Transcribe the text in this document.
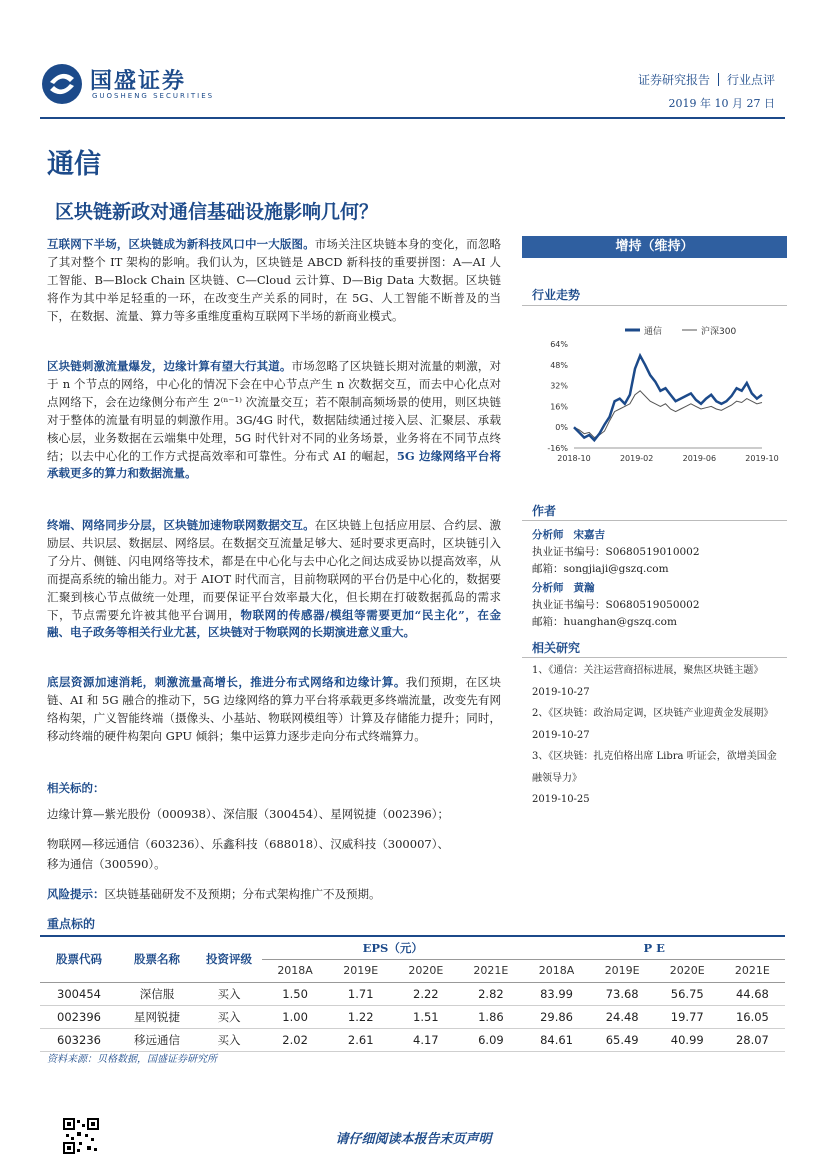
国盛证券
GUOSHENG SECURITIES
证券研究报告 行业点评
2019 年 10 月 27 日
通信
区块链新政对通信基础设施影响几何？
互联网下半场，区块链成为新科技风口中一大版图。市场关注区块链本身的变化，而忽略了其对整个 IT 架构的影响。我们认为，区块链是 ABCD 新科技的重要拼图：A—AI 人工智能、B—Block Chain 区块链、C—Cloud 云计算、D—Big Data 大数据。区块链将作为其中举足轻重的一环，在改变生产关系的同时，在 5G、人工智能不断普及的当下，在数据、流量、算力等多重维度重构互联网下半场的新商业模式。
区块链刺激流量爆发，边缘计算有望大行其道。市场忽略了区块链长期对流量的刺激，对于 n 个节点的网络，中心化的情况下会在中心节点产生 n 次数据交互，而去中心化点对点网络下，会在边缘侧分布产生 2⁽ⁿ⁻¹⁾ 次流量交互；若不限制高频场景的使用，则区块链对于整体的流量有明显的刺激作用。3G/4G 时代，数据陆续通过接入层、汇聚层、承载核心层，业务数据在云端集中处理，5G 时代针对不同的业务场景，业务将在不同节点终结；以去中心化的工作方式提高效率和可靠性。分布式 AI 的崛起，5G 边缘网络平台将承载更多的算力和数据流量。
终端、网络同步分层，区块链加速物联网数据交互。在区块链上包括应用层、合约层、激励层、共识层、数据层、网络层。在数据交互流量足够大、延时要求更高时，区块链引入了分片、侧链、闪电网络等技术，都是在中心化与去中心化之间达成妥协以提高效率，从而提高系统的输出能力。对于 AIOT 时代而言，目前物联网的平台仍是中心化的，数据要汇聚到核心节点做统一处理，而要保证平台效率最大化，但长期在打破数据孤岛的需求下，节点需要允许被其他平台调用，物联网的传感器/模组等需要更加“民主化”，在金融、电子政务等相关行业尤甚，区块链对于物联网的长期演进意义重大。
底层资源加速消耗，刺激流量高增长，推进分布式网络和边缘计算。我们预期，在区块链、AI 和 5G 融合的推动下，5G 边缘网络的算力平台将承载更多终端流量，改变先有网络构架，广义智能终端（摄像头、小基站、物联网模组等）计算及存储能力提升；同时，移动终端的硬件构架向 GPU 倾斜；集中运算力逐步走向分布式终端算力。
相关标的：
边缘计算—紫光股份（000938）、深信服（300454）、星网锐捷（002396）；
物联网—移远通信（603236）、乐鑫科技（688018）、汉威科技（300007）、
移为通信（300590）。
风险提示：区块链基础研发不及预期；分布式架构推广不及预期。
增持（维持）
行业走势
通信	沪深300
64%
48%
32%
16%
0%
-16%
2018-10	2019-02	2019-06	2019-10
作者
分析师 宋嘉吉
执业证书编号：S0680519010002
邮箱：songjiaji@gszq.com
分析师 黄瀚
执业证书编号：S0680519050002
邮箱：huanghan@gszq.com
相关研究
1、《通信：关注运营商招标进展，聚焦区块链主题》
2019-10-27
2、《区块链：政治局定调，区块链产业迎黄金发展期》
2019-10-27
3、《区块链：扎克伯格出席 Libra 听证会，欲增美国金融领导力》
2019-10-25
重点标的
股票代码	股票名称	投资评级	EPS（元）				P E			
			2018A	2019E	2020E	2021E	2018A	2019E	2020E	2021E
300454	深信服	买入	1.50	1.71	2.22	2.82	83.99	73.68	56.75	44.68
002396	星网锐捷	买入	1.00	1.22	1.51	1.86	29.86	24.48	19.77	16.05
603236	移远通信	买入	2.02	2.61	4.17	6.09	84.61	65.49	40.99	28.07
资料来源：贝格数据，国盛证券研究所
请仔细阅读本报告末页声明
